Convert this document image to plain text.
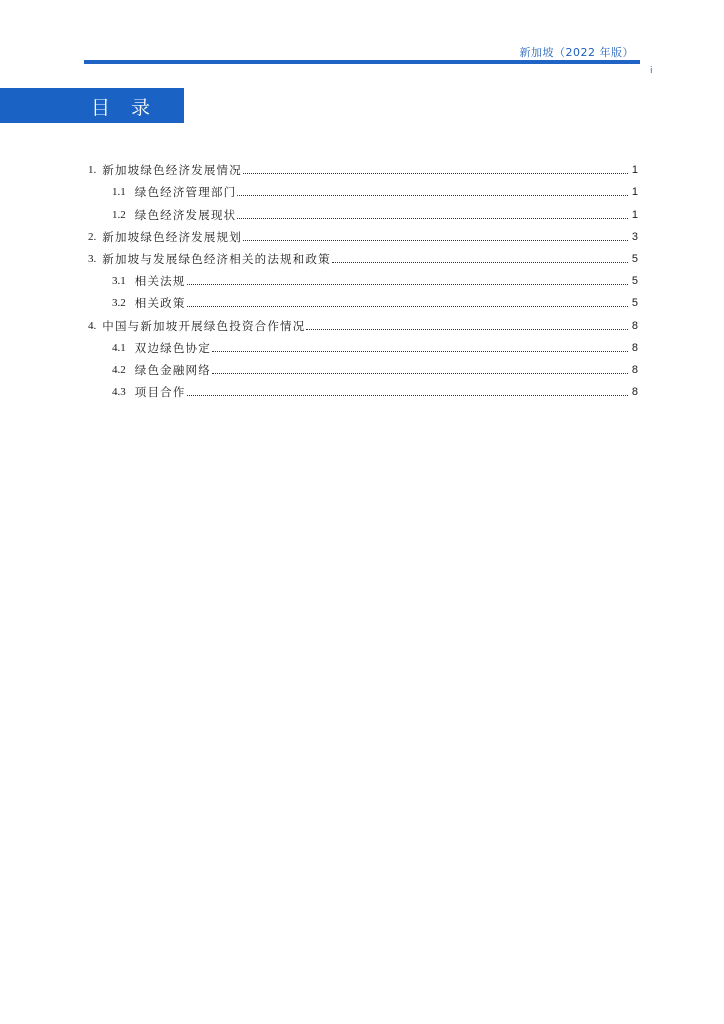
新加坡（2022 年版）
i
目录
1. 新加坡绿色经济发展情况	1
1.1 绿色经济管理部门	1
1.2 绿色经济发展现状	1
2. 新加坡绿色经济发展规划	3
3. 新加坡与发展绿色经济相关的法规和政策	5
3.1 相关法规	5
3.2 相关政策	5
4. 中国与新加坡开展绿色投资合作情况	8
4.1 双边绿色协定	8
4.2 绿色金融网络	8
4.3 项目合作	8
